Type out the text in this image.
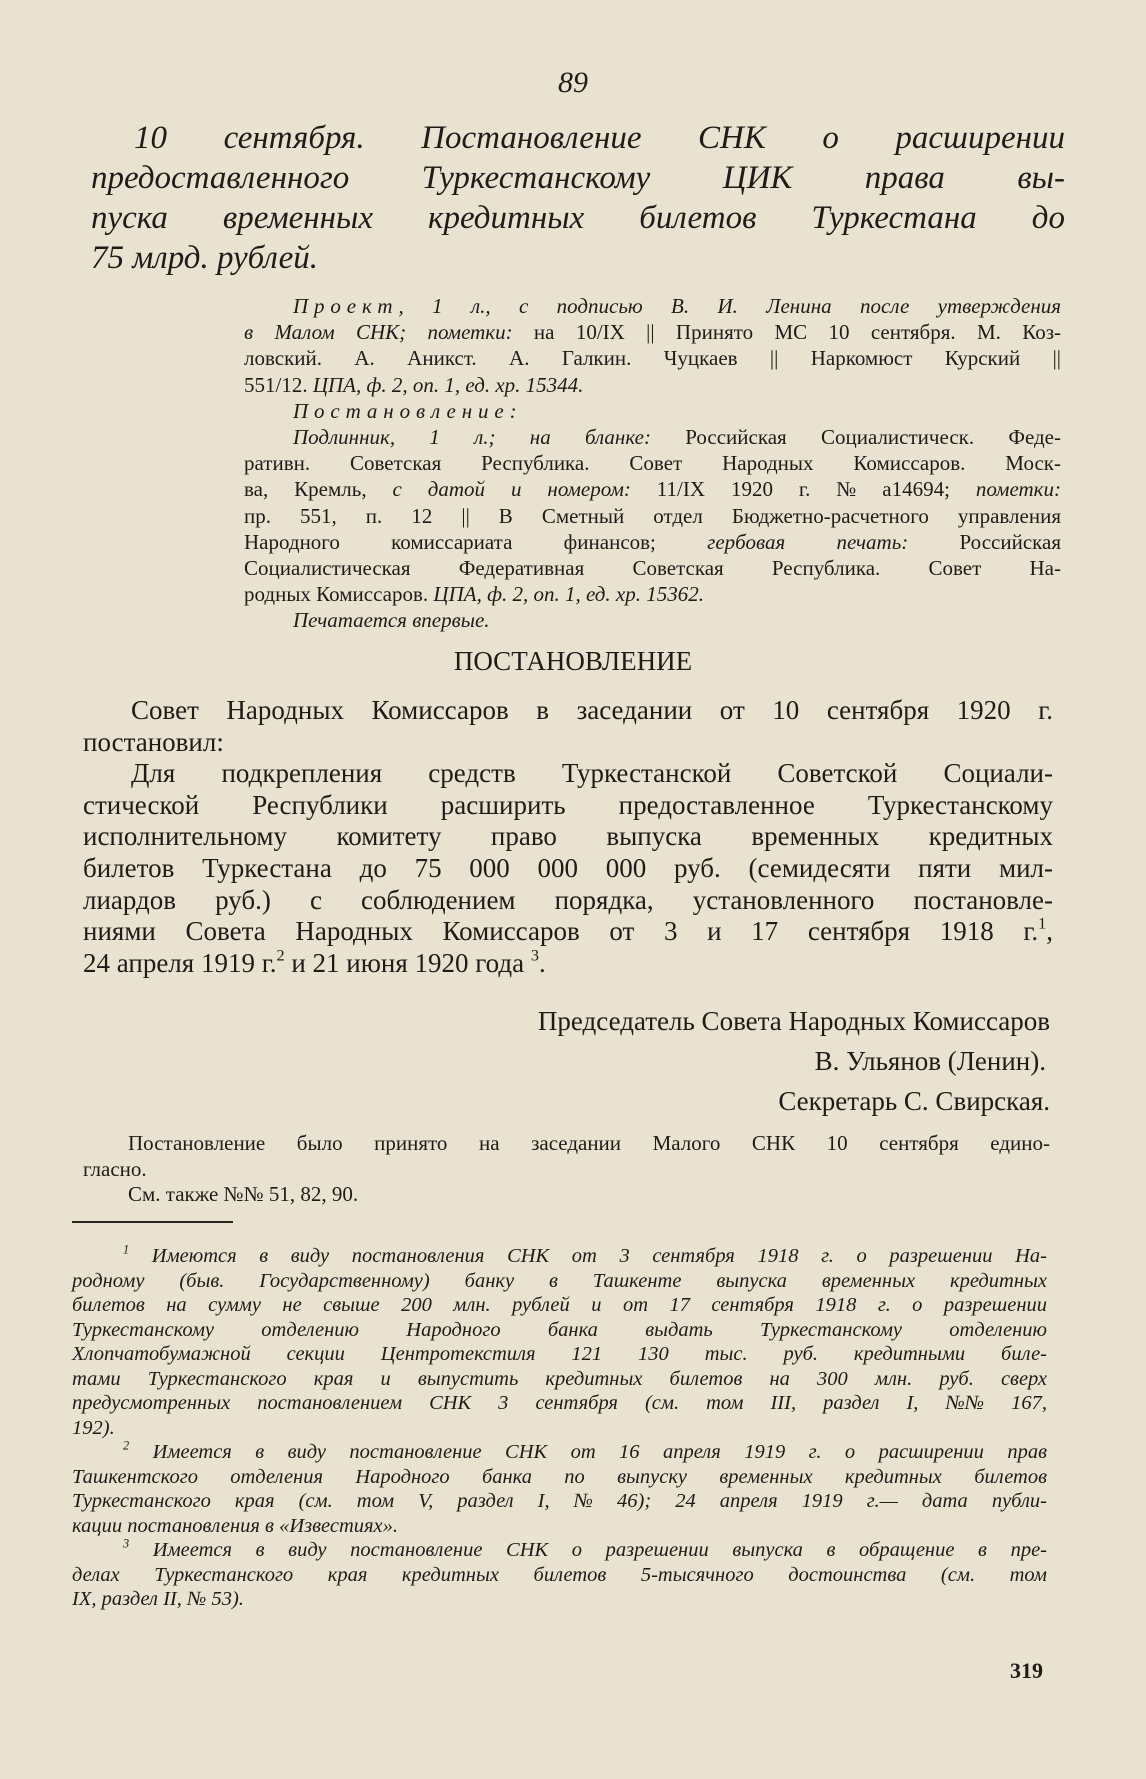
89
10 сентября. Постановление СНК о расширении
предоставленного Туркестанскому ЦИК права вы-
пуска временных кредитных билетов Туркестана до
75 млрд. рублей.
Проект, 1 л., с подписью В. И. Ленина после утверждения
в Малом СНК; пометки: на 10/IX || Принято МС 10 сентября. М. Коз-
ловский. А. Аникст. А. Галкин. Чуцкаев || Наркомюст Курский ||
551/12. ЦПА, ф. 2, оп. 1, ед. хр. 15344.
Постановление:
Подлинник, 1 л.; на бланке: Российская Социалистическ. Феде-
ративн. Советская Республика. Совет Народных Комиссаров. Моск-
ва, Кремль, с датой и номером: 11/IX 1920 г. № а14694; пометки:
пр. 551, п. 12 || В Сметный отдел Бюджетно-расчетного управления
Народного комиссариата финансов; гербовая печать: Российская
Социалистическая Федеративная Советская Республика. Совет На-
родных Комиссаров. ЦПА, ф. 2, оп. 1, ед. хр. 15362.
Печатается впервые.
ПОСТАНОВЛЕНИЕ
Совет Народных Комиссаров в заседании от 10 сентября 1920 г.
постановил:
Для подкрепления средств Туркестанской Советской Социали-
стической Республики расширить предоставленное Туркестанскому
исполнительному комитету право выпуска временных кредитных
билетов Туркестана до 75 000 000 000 руб. (семидесяти пяти мил-
лиардов руб.) с соблюдением порядка, установленного постановле-
ниями Совета Народных Комиссаров от 3 и 17 сентября 1918 г.$^1$,
24 апреля 1919 г.$^2$ и 21 июня 1920 года $^3$.
Председатель Совета Народных Комиссаров
В. Ульянов (Ленин).
Секретарь С. Свирская.
Постановление было принято на заседании Малого СНК 10 сентября едино-
гласно.
См. также №№ 51, 82, 90.
$^1$ Имеются в виду постановления СНК от 3 сентября 1918 г. о разрешении На-
родному (быв. Государственному) банку в Ташкенте выпуска временных кредитных
билетов на сумму не свыше 200 млн. рублей и от 17 сентября 1918 г. о разрешении
Туркестанскому отделению Народного банка выдать Туркестанскому отделению
Хлопчатобумажной секции Центротекстиля 121 130 тыс. руб. кредитными биле-
тами Туркестанского края и выпустить кредитных билетов на 300 млн. руб. сверх
предусмотренных постановлением СНК 3 сентября (см. том III, раздел I, №№ 167,
192).
$^2$ Имеется в виду постановление СНК от 16 апреля 1919 г. о расширении прав
Ташкентского отделения Народного банка по выпуску временных кредитных билетов
Туркестанского края (см. том V, раздел I, № 46); 24 апреля 1919 г.— дата публи-
кации постановления в «Известиях».
$^3$ Имеется в виду постановление СНК о разрешении выпуска в обращение в пре-
делах Туркестанского края кредитных билетов 5-тысячного достоинства (см. том
IX, раздел II, № 53).
319
